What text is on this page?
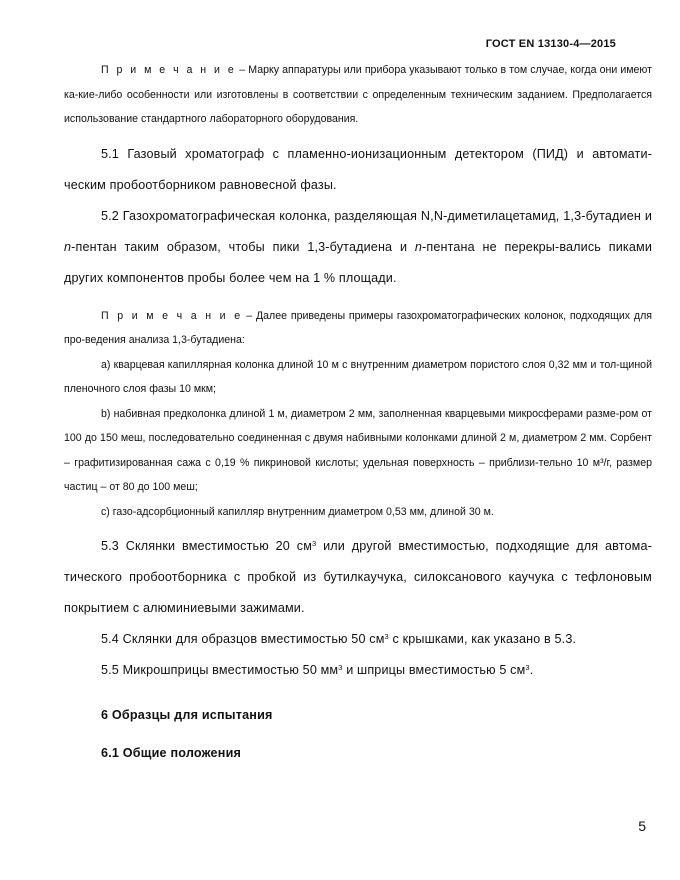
ГОСТ EN 13130-4—2015

П р и м е ч а н и е – Марку аппаратуры или прибора указывают только в том случае, когда они имеют ка-кие-либо особенности или изготовлены в соответствии с определенным техническим заданием. Предполагается использование стандартного лабораторного оборудования.

5.1 Газовый хроматограф с пламенно-ионизационным детектором (ПИД) и автомати-ческим пробоотборником равновесной фазы.

5.2 Газохроматографическая колонка, разделяющая N,N-диметилацетамид, 1,3-бутадиен и n-пентан таким образом, чтобы пики 1,3-бутадиена и n-пентана не перекры-вались пиками других компонентов пробы более чем на 1 % площади.

П р и м е ч а н и е – Далее приведены примеры газохроматографических колонок, подходящих для про-ведения анализа 1,3-бутадиена:

а) кварцевая капиллярная колонка длиной 10 м с внутренним диаметром пористого слоя 0,32 мм и тол-щиной пленочного слоя фазы 10 мкм;

b) набивная предколонка длиной 1 м, диаметром 2 мм, заполненная кварцевыми микросферами разме-ром от 100 до 150 меш, последовательно соединенная с двумя набивными колонками длиной 2 м, диаметром 2 мм. Сорбент – графитизированная сажа с 0,19 % пикриновой кислоты; удельная поверхность – приблизи-тельно 10 м³/г, размер частиц – от 80 до 100 меш;

с) газо-адсорбционный капилляр внутренним диаметром 0,53 мм, длиной 30 м.

5.3 Склянки вместимостью 20 $см^3$ или другой вместимостью, подходящие для автома-тического пробоотборника с пробкой из бутилкаучука, силоксанового каучука с тефлоновым покрытием с алюминиевыми зажимами.

5.4 Склянки для образцов вместимостью 50 $см^3$ с крышками, как указано в 5.3.

5.5 Микрошприцы вместимостью 50 $мм^3$ и шприцы вместимостью 5 $см^3$.

6 Образцы для испытания

6.1 Общие положения

5
